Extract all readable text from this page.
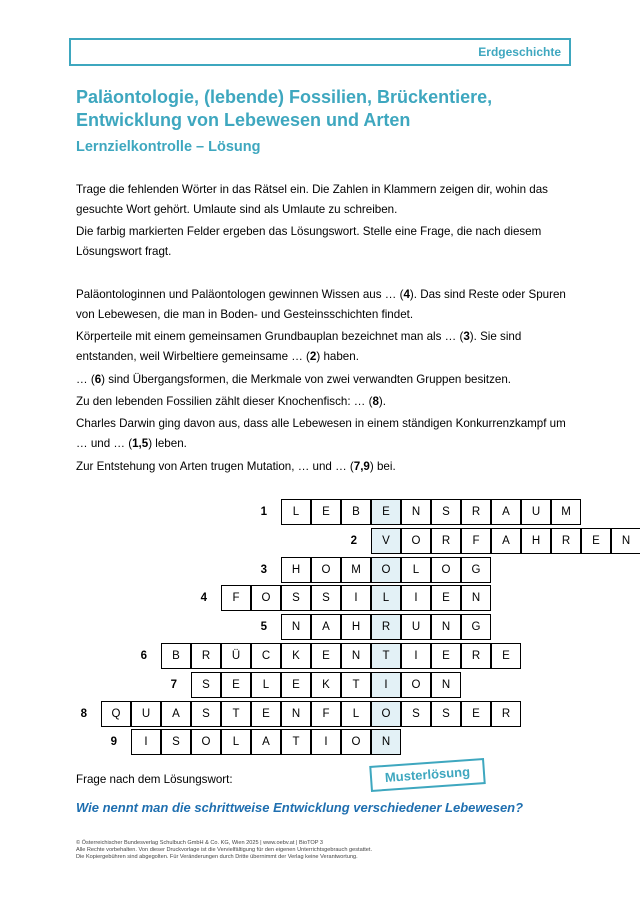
Erdgeschichte
Paläontologie, (lebende) Fossilien, Brückentiere, Entwicklung von Lebewesen und Arten
Lernzielkontrolle – Lösung

Trage die fehlenden Wörter in das Rätsel ein. Die Zahlen in Klammern zeigen dir, wohin das gesuchte Wort gehört. Umlaute sind als Umlaute zu schreiben.

Die farbig markierten Felder ergeben das Lösungswort. Stelle eine Frage, die nach diesem Lösungswort fragt.

Paläontologinnen und Paläontologen gewinnen Wissen aus … (4). Das sind Reste oder Spuren von Lebewesen, die man in Boden- und Gesteinsschichten findet.

Körperteile mit einem gemeinsamen Grundbauplan bezeichnet man als … (3). Sie sind entstanden, weil Wirbeltiere gemeinsame … (2) haben.

… (6) sind Übergangsformen, die Merkmale von zwei verwandten Gruppen besitzen.

Zu den lebenden Fossilien zählt dieser Knochenfisch: … (8).

Charles Darwin ging davon aus, dass alle Lebewesen in einem ständigen Konkurrenzkampf um … und … (1,5) leben.

Zur Entstehung von Arten trugen Mutation, … und … (7,9) bei.

1	L	E	B	E	N	S	R	A	U	M
2	V	O	R	F	A	H	R	E	N
3	H	O	M	O	L	O	G
4	F	O	S	S	I	L	I	E	N
5	N	A	H	R	U	N	G
6	B	R	Ü	C	K	E	N	T	I	E	R	E
7	S	E	L	E	K	T	I	O	N
8	Q	U	A	S	T	E	N	F	L	O	S	S	E	R
9	I	S	O	L	A	T	I	O	N
Frage nach dem Lösungswort:	Musterlösung
Wie nennt man die schrittweise Entwicklung verschiedener Lebewesen?
© Österreichischer Bundesverlag Schulbuch GmbH & Co. KG, Wien 2025 | www.oebv.at | BioTOP 3
Alle Rechte vorbehalten. Von dieser Druckvorlage ist die Vervielfältigung für den eigenen Unterrichtsgebrauch gestattet.
Die Kopiergebühren sind abgegolten. Für Veränderungen durch Dritte übernimmt der Verlag keine Verantwortung.
